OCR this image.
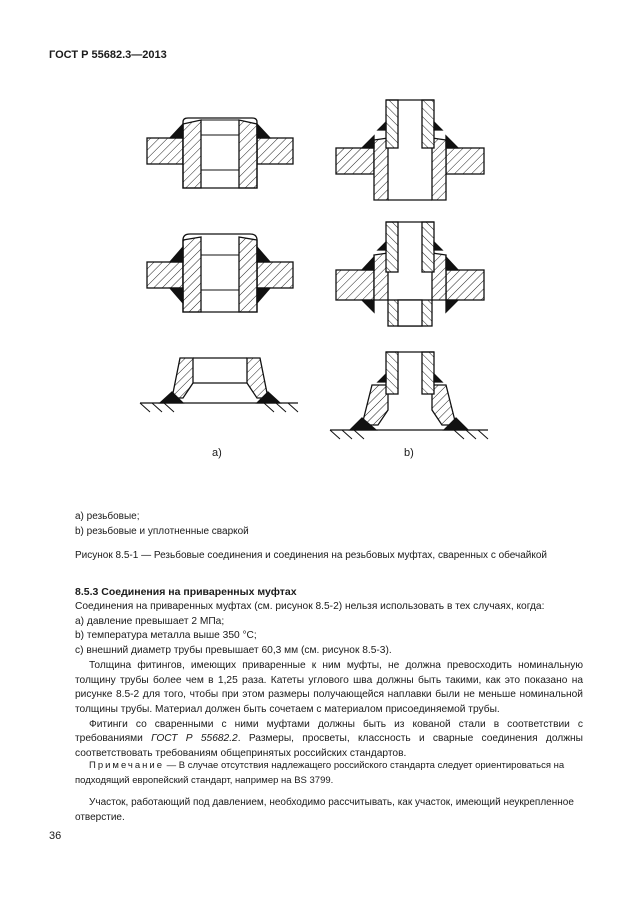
ГОСТ Р 55682.3—2013
a)	b)
a) резьбовые;
b) резьбовые и уплотненные сваркой
Рисунок 8.5-1 — Резьбовые соединения и соединения на резьбовых муфтах, сваренных с обечайкой
8.5.3 Соединения на приваренных муфтах

Соединения на приваренных муфтах (см. рисунок 8.5-2) нельзя использовать в тех случаях, когда:

а) давление превышает 2 МПа;

b) температура металла выше 350 °С;

с) внешний диаметр трубы превышает 60,3 мм (см. рисунок 8.5-3).

Толщина фитингов, имеющих приваренные к ним муфты, не должна превосходить номинальную толщину трубы более чем в 1,25 раза. Катеты углового шва должны быть такими, как это показано на рисунке 8.5-2 для того, чтобы при этом размеры получающейся наплавки были не меньше номинальной толщины трубы. Материал должен быть сочетаем с материалом присоединяемой трубы.

Фитинги со сваренными с ними муфтами должны быть из кованой стали в соответствии с требованиями ГОСТ Р 55682.2. Размеры, просветы, классность и сварные соединения должны соответствовать требованиям общепринятых российских стандартов.

Примечание — В случае отсутствия надлежащего российского стандарта следует ориентироваться на подходящий европейский стандарт, например на BS 3799.

Участок, работающий под давлением, необходимо рассчитывать, как участок, имеющий неукрепленное отверстие.

36
